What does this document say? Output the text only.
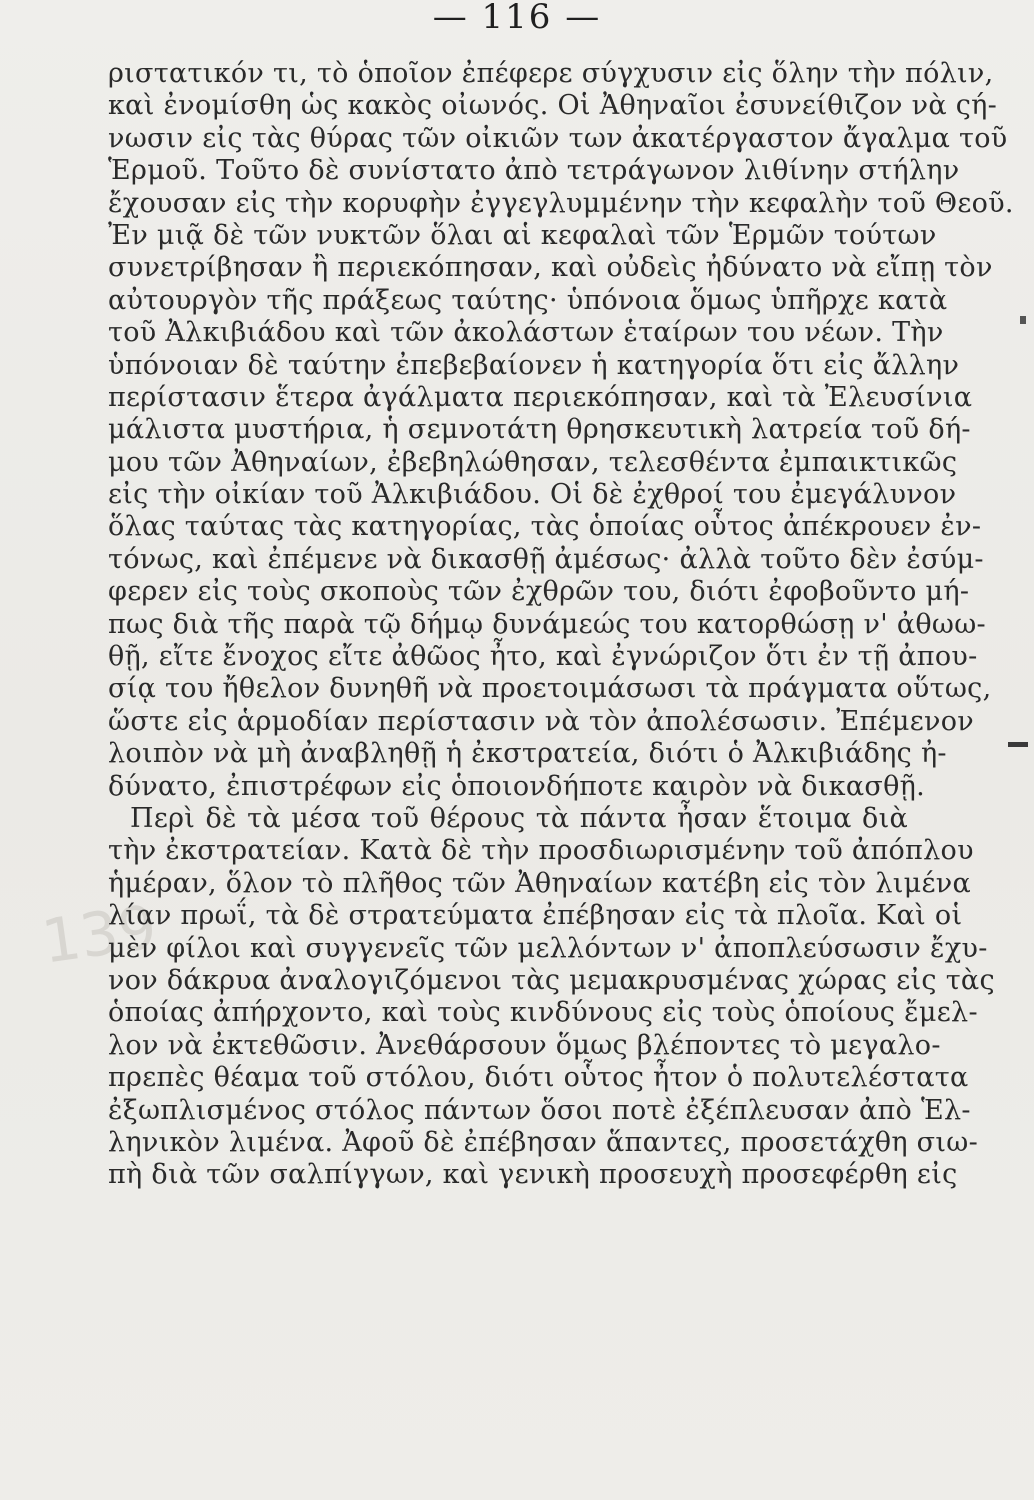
— 116 —
139
ριστατικόν τι, τὸ ὁποῖον ἐπέφερε σύγχυσιν εἰς ὅλην τὴν πόλιν,
καὶ ἐνομίσθη ὡς κακὸς οἰωνός. Οἱ Ἀθηναῖοι ἐσυνείθιζον νὰ ςή-
νωσιν εἰς τὰς θύρας τῶν οἰκιῶν των ἀκατέργαστον ἄγαλμα τοῦ
Ἑρμοῦ. Τοῦτο δὲ συνίστατο ἀπὸ τετράγωνον λιθίνην στήλην
ἔχουσαν εἰς τὴν κορυφὴν ἐγγεγλυμμένην τὴν κεφαλὴν τοῦ Θεοῦ.
Ἐν μιᾷ δὲ τῶν νυκτῶν ὅλαι αἱ κεφαλαὶ τῶν Ἑρμῶν τούτων
συνετρίβησαν ἢ περιεκόπησαν, καὶ οὐδεὶς ἠδύνατο νὰ εἴπῃ τὸν
αὐτουργὸν τῆς πράξεως ταύτης· ὑπόνοια ὅμως ὑπῆρχε κατὰ
τοῦ Ἀλκιβιάδου καὶ τῶν ἀκολάστων ἑταίρων του νέων. Τὴν
ὑπόνοιαν δὲ ταύτην ἐπεβεβαίονεν ἡ κατηγορία ὅτι εἰς ἄλλην
περίστασιν ἕτερα ἀγάλματα περιεκόπησαν, καὶ τὰ Ἐλευσίνια
μάλιστα μυστήρια, ἡ σεμνοτάτη θρησκευτικὴ λατρεία τοῦ δή-
μου τῶν Ἀθηναίων, ἐβεβηλώθησαν, τελεσθέντα ἐμπαικτικῶς
εἰς τὴν οἰκίαν τοῦ Ἀλκιβιάδου. Οἱ δὲ ἐχθροί του ἐμεγάλυνον
ὅλας ταύτας τὰς κατηγορίας, τὰς ὁποίας οὗτος ἀπέκρουεν ἐν-
τόνως, καὶ ἐπέμενε νὰ δικασθῇ ἀμέσως· ἀλλὰ τοῦτο δὲν ἐσύμ-
φερεν εἰς τοὺς σκοποὺς τῶν ἐχθρῶν του, διότι ἐφοβοῦντο μή-
πως διὰ τῆς παρὰ τῷ δήμῳ δυνάμεώς του κατορθώσῃ ν' ἀθωω-
θῇ, εἴτε ἔνοχος εἴτε ἀθῶος ἦτο, καὶ ἐγνώριζον ὅτι ἐν τῇ ἀπου-
σίᾳ του ἤθελον δυνηθῆ νὰ προετοιμάσωσι τὰ πράγματα οὕτως,
ὥστε εἰς ἁρμοδίαν περίστασιν νὰ τὸν ἀπολέσωσιν. Ἐπέμενον
λοιπὸν νὰ μὴ ἀναβληθῇ ἡ ἐκστρατεία, διότι ὁ Ἀλκιβιάδης ἠ-
δύνατο, ἐπιστρέφων εἰς ὁποιονδήποτε καιρὸν νὰ δικασθῇ.
Περὶ δὲ τὰ μέσα τοῦ θέρους τὰ πάντα ἦσαν ἕτοιμα διὰ
τὴν ἐκστρατείαν. Κατὰ δὲ τὴν προσδιωρισμένην τοῦ ἀπόπλου
ἡμέραν, ὅλον τὸ πλῆθος τῶν Ἀθηναίων κατέβη εἰς τὸν λιμένα
λίαν πρωΐ, τὰ δὲ στρατεύματα ἐπέβησαν εἰς τὰ πλοῖα. Καὶ οἱ
μὲν φίλοι καὶ συγγενεῖς τῶν μελλόντων ν' ἀποπλεύσωσιν ἔχυ-
νον δάκρυα ἀναλογιζόμενοι τὰς μεμακρυσμένας χώρας εἰς τὰς
ὁποίας ἀπήρχοντο, καὶ τοὺς κινδύνους εἰς τοὺς ὁποίους ἔμελ-
λον νὰ ἐκτεθῶσιν. Ἀνεθάρσουν ὅμως βλέποντες τὸ μεγαλο-
πρεπὲς θέαμα τοῦ στόλου, διότι οὗτος ἦτον ὁ πολυτελέστατα
ἐξωπλισμένος στόλος πάντων ὅσοι ποτὲ ἐξέπλευσαν ἀπὸ Ἑλ-
ληνικὸν λιμένα. Ἀφοῦ δὲ ἐπέβησαν ἅπαντες, προσετάχθη σιω-
πὴ διὰ τῶν σαλπίγγων, καὶ γενικὴ προσευχὴ προσεφέρθη εἰς
